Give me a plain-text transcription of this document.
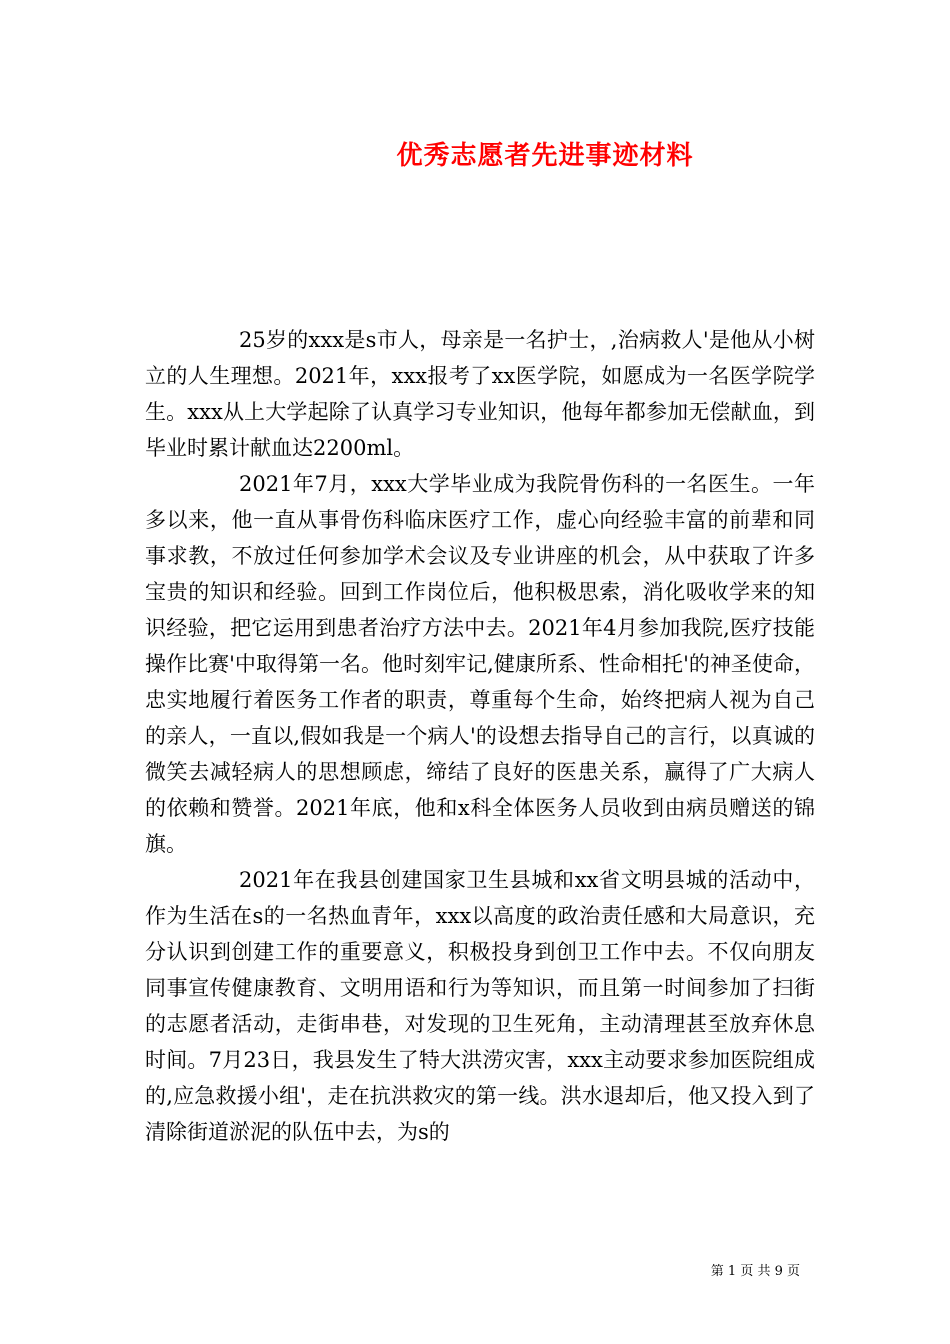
优秀志愿者先进事迹材料

25岁的xxx是s市人，母亲是一名护士，,治病救人'是他从小树立的人生理想。2021年，xxx报考了xx医学院，如愿成为一名医学院学生。xxx从上大学起除了认真学习专业知识，他每年都参加无偿献血，到毕业时累计献血达2200ml。

2021年7月，xxx大学毕业成为我院骨伤科的一名医生。一年多以来，他一直从事骨伤科临床医疗工作，虚心向经验丰富的前辈和同事求教，不放过任何参加学术会议及专业讲座的机会，从中获取了许多宝贵的知识和经验。回到工作岗位后，他积极思索，消化吸收学来的知识经验，把它运用到患者治疗方法中去。2021年4月参加我院,医疗技能操作比赛'中取得第一名。他时刻牢记,健康所系、性命相托'的神圣使命，忠实地履行着医务工作者的职责，尊重每个生命，始终把病人视为自己的亲人，一直以,假如我是一个病人'的设想去指导自己的言行，以真诚的微笑去减轻病人的思想顾虑，缔结了良好的医患关系，赢得了广大病人的依赖和赞誉。2021年底，他和x科全体医务人员收到由病员赠送的锦旗。

2021年在我县创建国家卫生县城和xx省文明县城的活动中，作为生活在s的一名热血青年，xxx以高度的政治责任感和大局意识，充分认识到创建工作的重要意义，积极投身到创卫工作中去。不仅向朋友同事宣传健康教育、文明用语和行为等知识，而且第一时间参加了扫街的志愿者活动，走街串巷，对发现的卫生死角，主动清理甚至放弃休息时间。7月23日，我县发生了特大洪涝灾害，xxx主动要求参加医院组成的,应急救援小组'，走在抗洪救灾的第一线。洪水退却后，他又投入到了清除街道淤泥的队伍中去，为s的

第 1 页 共 9 页
